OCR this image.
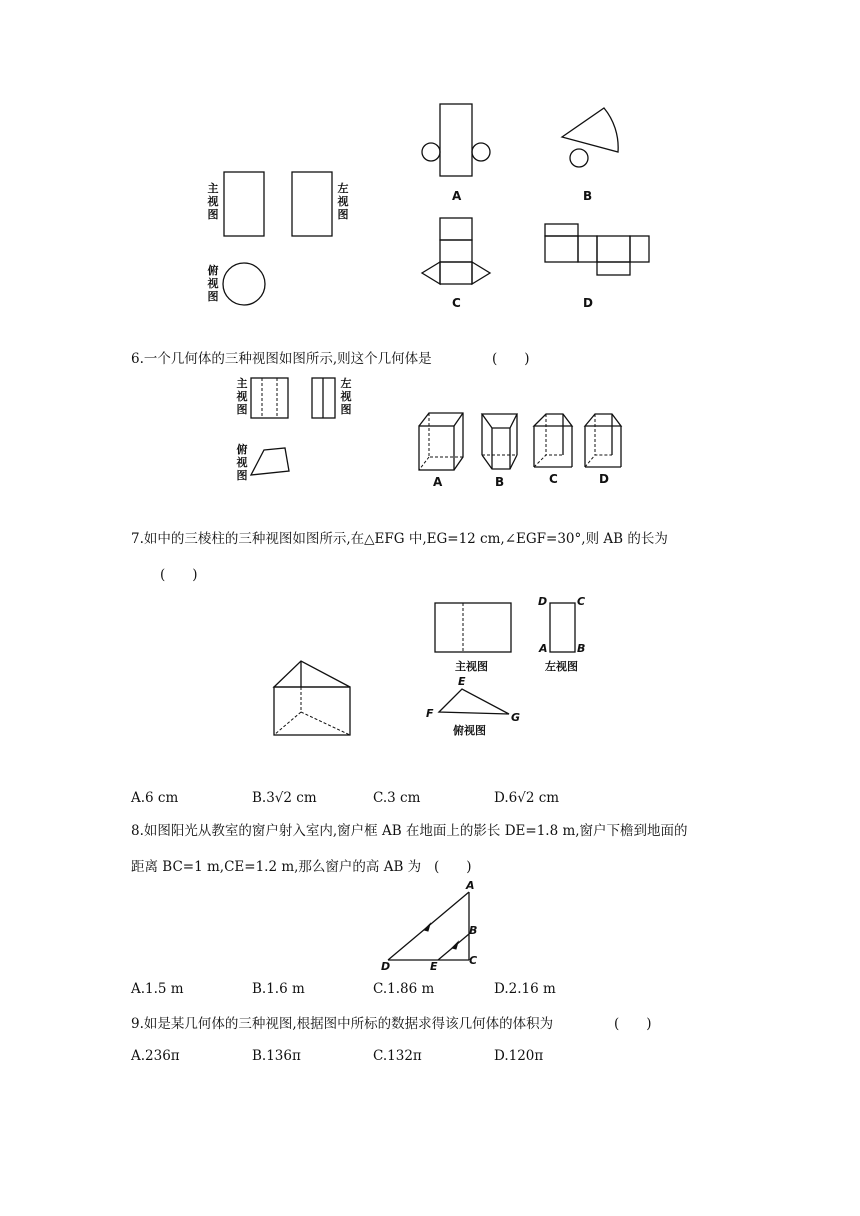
主视图
左视图
俯视图
A	B
C	D
6.一个几何体的三种视图如图所示,则这个几何体是	(　　)
主视图
左视图
俯视图	A	B	C	D
7.如中的三棱柱的三种视图如图所示,在△EFG 中,EG=12 cm,∠EGF=30°,则 AB 的长为
(　　)
主视图	左视图
俯视图
D	C
A	B
E
F	G
A.6 cm	B.3√2 cm	C.3 cm	D.6√2 cm
8.如图阳光从教室的窗户射入室内,窗户框 AB 在地面上的影长 DE=1.8 m,窗户下檐到地面的
距离 BC=1 m,CE=1.2 m,那么窗户的高 AB 为 (　　)
A
B
C
D	E
A.1.5 m	B.1.6 m	C.1.86 m	D.2.16 m
9.如是某几何体的三种视图,根据图中所标的数据求得该几何体的体积为	(　　)
A.236π	B.136π	C.132π	D.120π
